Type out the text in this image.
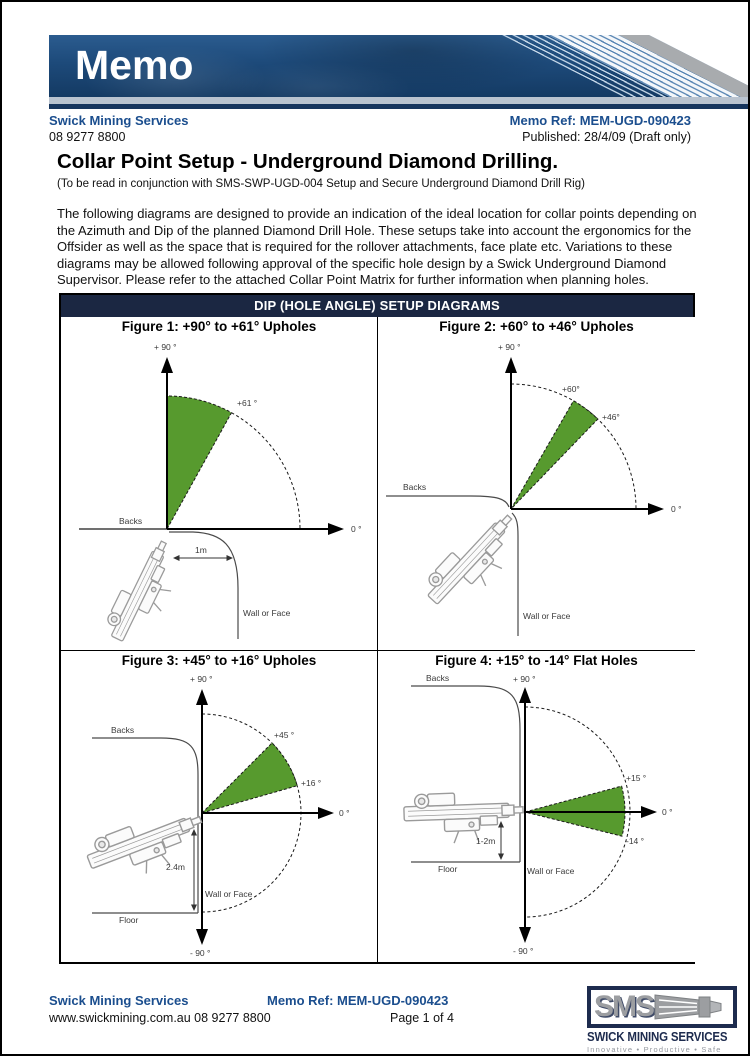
Memo
Swick Mining Services
08 9277 8800
Memo Ref: MEM-UGD-090423
Published: 28/4/09 (Draft only)
Collar Point Setup - Underground Diamond Drilling.
(To be read in conjunction with SMS-SWP-UGD-004 Setup and Secure Underground Diamond Drill Rig)
The following diagrams are designed to provide an indication of the ideal location for collar points depending on the Azimuth and Dip of the planned Diamond Drill Hole. These setups take into account the ergonomics for the Offsider as well as the space that is required for the rollover attachments, face plate etc. Variations to these diagrams may be allowed following approval of the specific hole design by a Swick Underground Diamond Supervisor. Please refer to the attached Collar Point Matrix for further information when planning holes.
DIP (HOLE ANGLE) SETUP DIAGRAMS
Figure 1: +90° to +61° Upholes
+ 90 °
0 °
+61 °
Backs
Wall or Face
1m
Figure 2: +60° to +46° Upholes
+ 90 °
0 °
+60°
+46°
Backs
Wall or Face
Figure 3: +45° to +16° Upholes
+ 90 °
- 90 °
0 °
+45 °
+16 °
Backs
Wall or Face
Floor
2.4m
Figure 4: +15° to -14° Flat Holes
+ 90 °
- 90 °
0 °
+15 °
-14 °
Backs
Wall or Face
Floor
1-2m
Swick Mining Services
www.swickmining.com.au 08 9277 8800
Memo Ref: MEM-UGD-090423
Page 1 of 4	SMS
SWICK MINING SERVICES
Innovative • Productive • Safe
